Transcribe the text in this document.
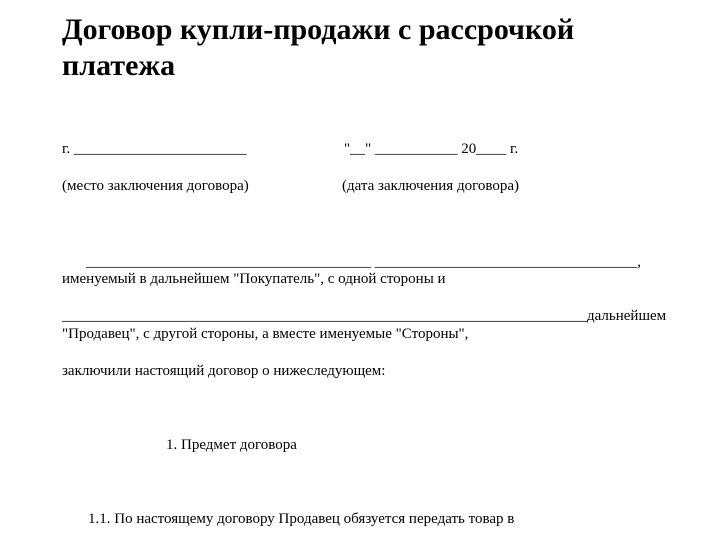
Договор купли-продажи с рассрочкой
платежа
г. _______________________	"__" ___________ 20____ г.
(место заключения договора)	(дата заключения договора)
______________________________________ ___________________________________,
именуемый в дальнейшем "Покупатель", с одной стороны и
______________________________________________________________________дальнейшем
"Продавец", с другой стороны, а вместе именуемые "Стороны",
заключили настоящий договор о нижеследующем:
1. Предмет договора
1.1. По настоящему договору Продавец обязуется передать товар в
